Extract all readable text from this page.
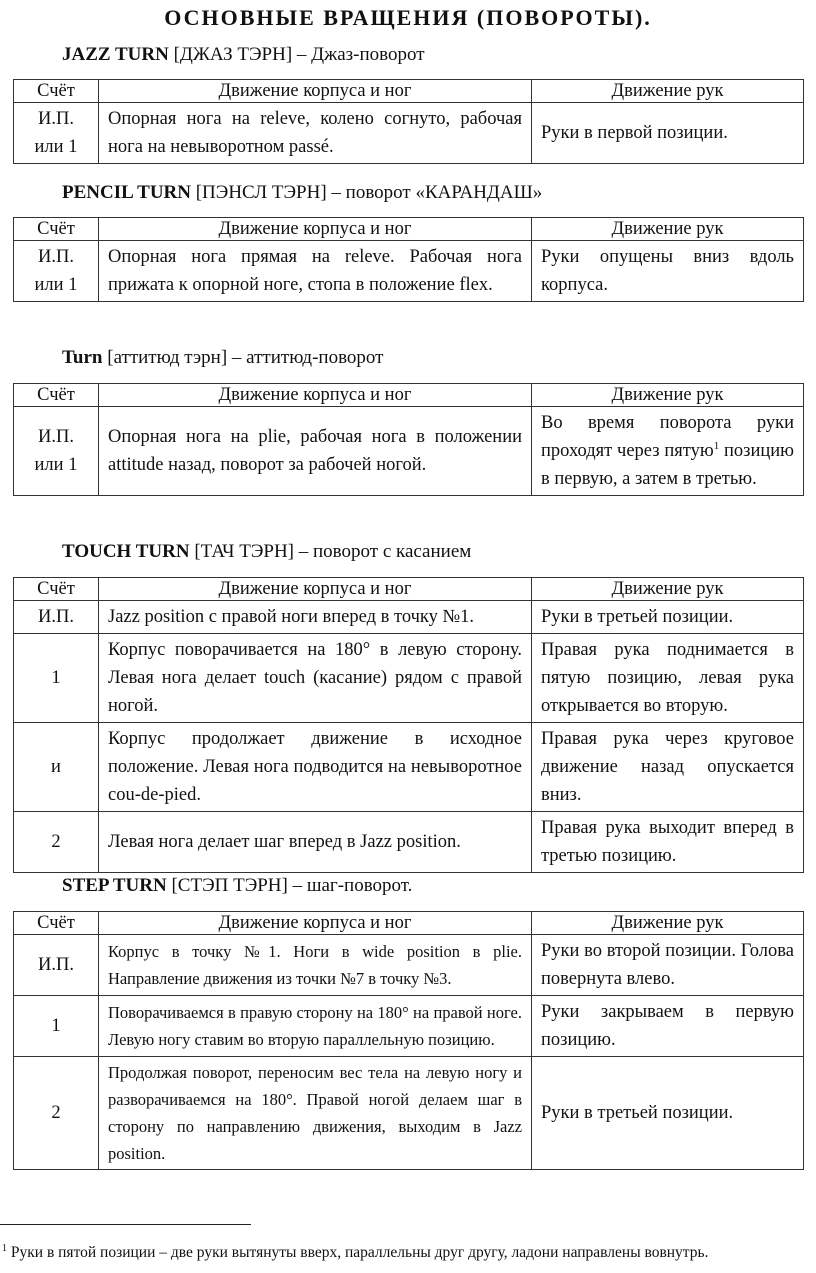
ОСНОВНЫЕ ВРАЩЕНИЯ (ПОВОРОТЫ).
JAZZ TURN [ДЖАЗ ТЭРН] – Джаз-поворот
Счёт	Движение корпуса и ног	Движение рук
И.П. или 1	Опорная нога на releve, колено согнуто, рабочая нога на невыворотном passé.	Руки в первой позиции.
PENCIL TURN [ПЭНСЛ ТЭРН] – поворот «КАРАНДАШ»
Счёт	Движение корпуса и ног	Движение рук
И.П. или 1	Опорная нога прямая на releve. Рабочая нога прижата к опорной ноге, стопа в положение flex.	Руки опущены вниз вдоль корпуса.
Turn [аттитюд тэрн] – аттитюд-поворот
Счёт	Движение корпуса и ног	Движение рук
И.П. или 1	Опорная нога на plie, рабочая нога в положении attitude назад, поворот за рабочей ногой.	Во время поворота руки проходят через пятую$^1$ позицию в первую, а затем в третью.
TOUCH TURN [ТАЧ ТЭРН] – поворот с касанием
Счёт	Движение корпуса и ног	Движение рук
И.П.	Jazz position с правой ноги вперед в точку №1.	Руки в третьей позиции.
1	Корпус поворачивается на 180° в левую сторону. Левая нога делает touch (касание) рядом с правой ногой.	Правая рука поднимается в пятую позицию, левая рука открывается во вторую.
и	Корпус продолжает движение в исходное положение. Левая нога подводится на невыворотное cou-de-pied.	Правая рука через круговое движение назад опускается вниз.
2	Левая нога делает шаг вперед в Jazz position.	Правая рука выходит вперед в третью позицию.
STEP TURN [СТЭП ТЭРН] – шаг-поворот.
Счёт	Движение корпуса и ног	Движение рук
И.П.	Корпус в точку №1. Ноги в wide position в plie. Направление движения из точки №7 в точку №3.	Руки во второй позиции. Голова повернута влево.
1	Поворачиваемся в правую сторону на 180° на правой ноге. Левую ногу ставим во вторую параллельную позицию.	Руки закрываем в первую позицию.
2	Продолжая поворот, переносим вес тела на левую ногу и разворачиваемся на 180°. Правой ногой делаем шаг в сторону по направлению движения, выходим в Jazz position.	Руки в третьей позиции.
$^1$ Руки в пятой позиции – две руки вытянуты вверх, параллельны друг другу, ладони направлены вовнутрь.
